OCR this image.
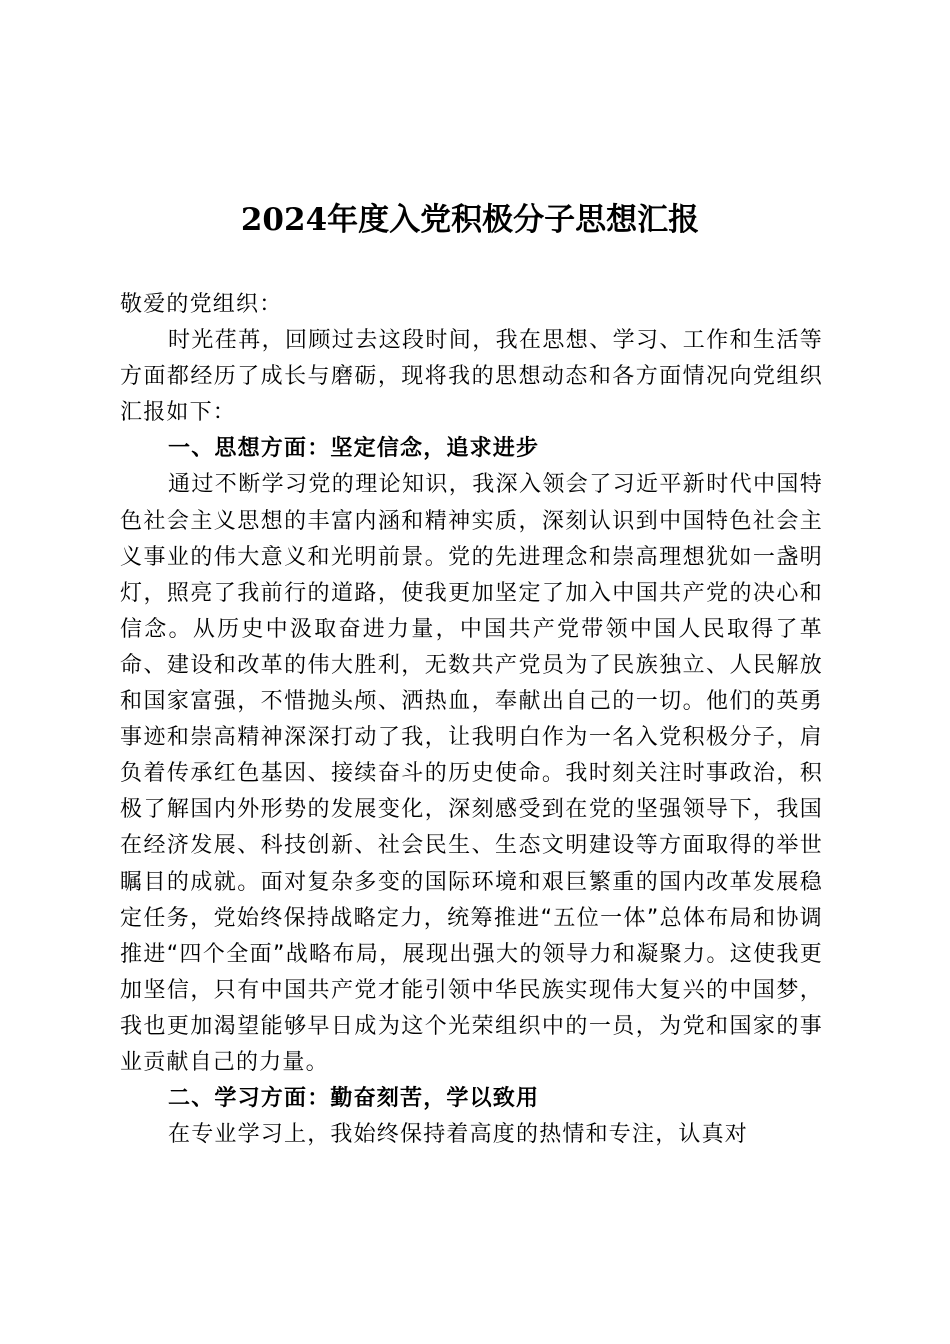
2024年度入党积极分子思想汇报

敬爱的党组织：

时光荏苒，回顾过去这段时间，我在思想、学习、工作和生活等方面都经历了成长与磨砺，现将我的思想动态和各方面情况向党组织汇报如下：

一、思想方面：坚定信念，追求进步

通过不断学习党的理论知识，我深入领会了习近平新时代中国特色社会主义思想的丰富内涵和精神实质，深刻认识到中国特色社会主义事业的伟大意义和光明前景。党的先进理念和崇高理想犹如一盏明灯，照亮了我前行的道路，使我更加坚定了加入中国共产党的决心和信念。从历史中汲取奋进力量，中国共产党带领中国人民取得了革命、建设和改革的伟大胜利，无数共产党员为了民族独立、人民解放和国家富强，不惜抛头颅、洒热血，奉献出自己的一切。他们的英勇事迹和崇高精神深深打动了我，让我明白作为一名入党积极分子，肩负着传承红色基因、接续奋斗的历史使命。我时刻关注时事政治，积极了解国内外形势的发展变化，深刻感受到在党的坚强领导下，我国在经济发展、科技创新、社会民生、生态文明建设等方面取得的举世瞩目的成就。面对复杂多变的国际环境和艰巨繁重的国内改革发展稳定任务，党始终保持战略定力，统筹推进“五位一体”总体布局和协调推进“四个全面”战略布局，展现出强大的领导力和凝聚力。这使我更加坚信，只有中国共产党才能引领中华民族实现伟大复兴的中国梦，我也更加渴望能够早日成为这个光荣组织中的一员，为党和国家的事业贡献自己的力量。

二、学习方面：勤奋刻苦，学以致用

在专业学习上，我始终保持着高度的热情和专注，认真对
